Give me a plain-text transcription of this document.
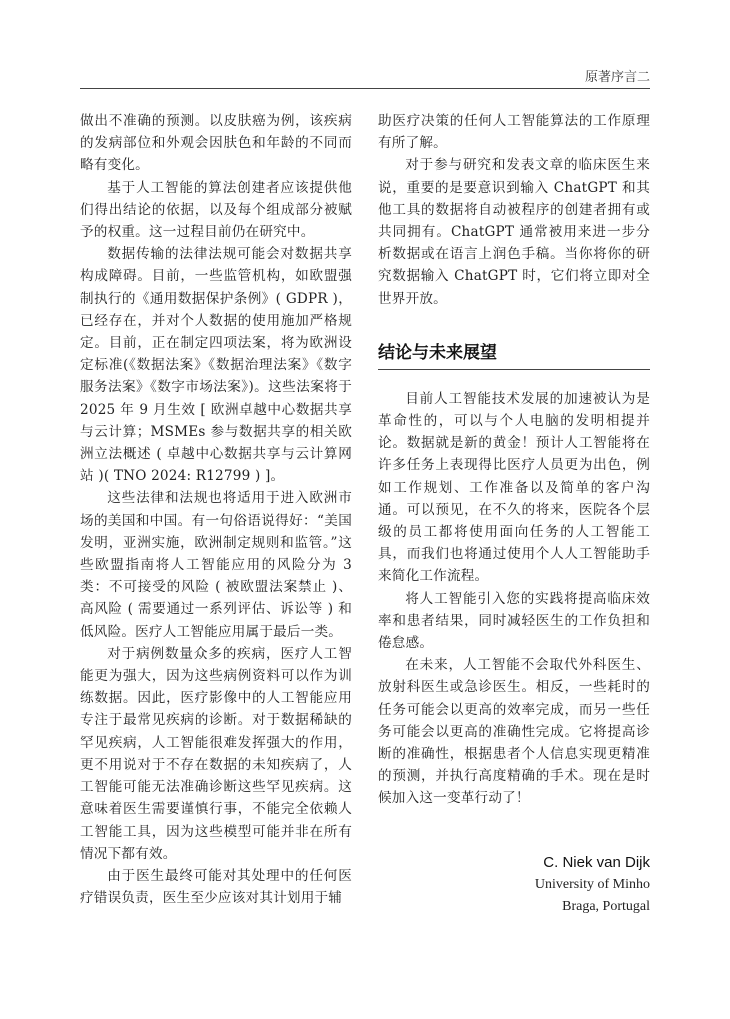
原著序言二

做出不准确的预测。以皮肤癌为例，该疾病的发病部位和外观会因肤色和年龄的不同而略有变化。

基于人工智能的算法创建者应该提供他们得出结论的依据，以及每个组成部分被赋予的权重。这一过程目前仍在研究中。

数据传输的法律法规可能会对数据共享构成障碍。目前，一些监管机构，如欧盟强制执行的《通用数据保护条例》( GDPR )，已经存在，并对个人数据的使用施加严格规定。目前，正在制定四项法案，将为欧洲设定标准(《数据法案》《数据治理法案》《数字服务法案》《数字市场法案》)。这些法案将于 2025 年 9 月生效 [ 欧洲卓越中心数据共享与云计算；MSMEs 参与数据共享的相关欧洲立法概述 ( 卓越中心数据共享与云计算网站 )( TNO 2024: R12799 ) ]。

这些法律和法规也将适用于进入欧洲市场的美国和中国。有一句俗语说得好：“美国发明，亚洲实施，欧洲制定规则和监管。”这些欧盟指南将人工智能应用的风险分为 3 类：不可接受的风险 ( 被欧盟法案禁止 )、高风险 ( 需要通过一系列评估、诉讼等 ) 和低风险。医疗人工智能应用属于最后一类。

对于病例数量众多的疾病，医疗人工智能更为强大，因为这些病例资料可以作为训练数据。因此，医疗影像中的人工智能应用专注于最常见疾病的诊断。对于数据稀缺的罕见疾病，人工智能很难发挥强大的作用，更不用说对于不存在数据的未知疾病了，人工智能可能无法准确诊断这些罕见疾病。这意味着医生需要谨慎行事，不能完全依赖人工智能工具，因为这些模型可能并非在所有情况下都有效。

由于医生最终可能对其处理中的任何医疗错误负责，医生至少应该对其计划用于辅

助医疗决策的任何人工智能算法的工作原理有所了解。

对于参与研究和发表文章的临床医生来说，重要的是要意识到输入 ChatGPT 和其他工具的数据将自动被程序的创建者拥有或共同拥有。ChatGPT 通常被用来进一步分析数据或在语言上润色手稿。当你将你的研究数据输入 ChatGPT 时，它们将立即对全世界开放。

结论与未来展望

目前人工智能技术发展的加速被认为是革命性的，可以与个人电脑的发明相提并论。数据就是新的黄金！预计人工智能将在许多任务上表现得比医疗人员更为出色，例如工作规划、工作准备以及简单的客户沟通。可以预见，在不久的将来，医院各个层级的员工都将使用面向任务的人工智能工具，而我们也将通过使用个人人工智能助手来简化工作流程。

将人工智能引入您的实践将提高临床效率和患者结果，同时减轻医生的工作负担和倦怠感。

在未来，人工智能不会取代外科医生、放射科医生或急诊医生。相反，一些耗时的任务可能会以更高的效率完成，而另一些任务可能会以更高的准确性完成。它将提高诊断的准确性，根据患者个人信息实现更精准的预测，并执行高度精确的手术。现在是时候加入这一变革行动了！

C. Niek van Dijk
University of Minho
Braga, Portugal
